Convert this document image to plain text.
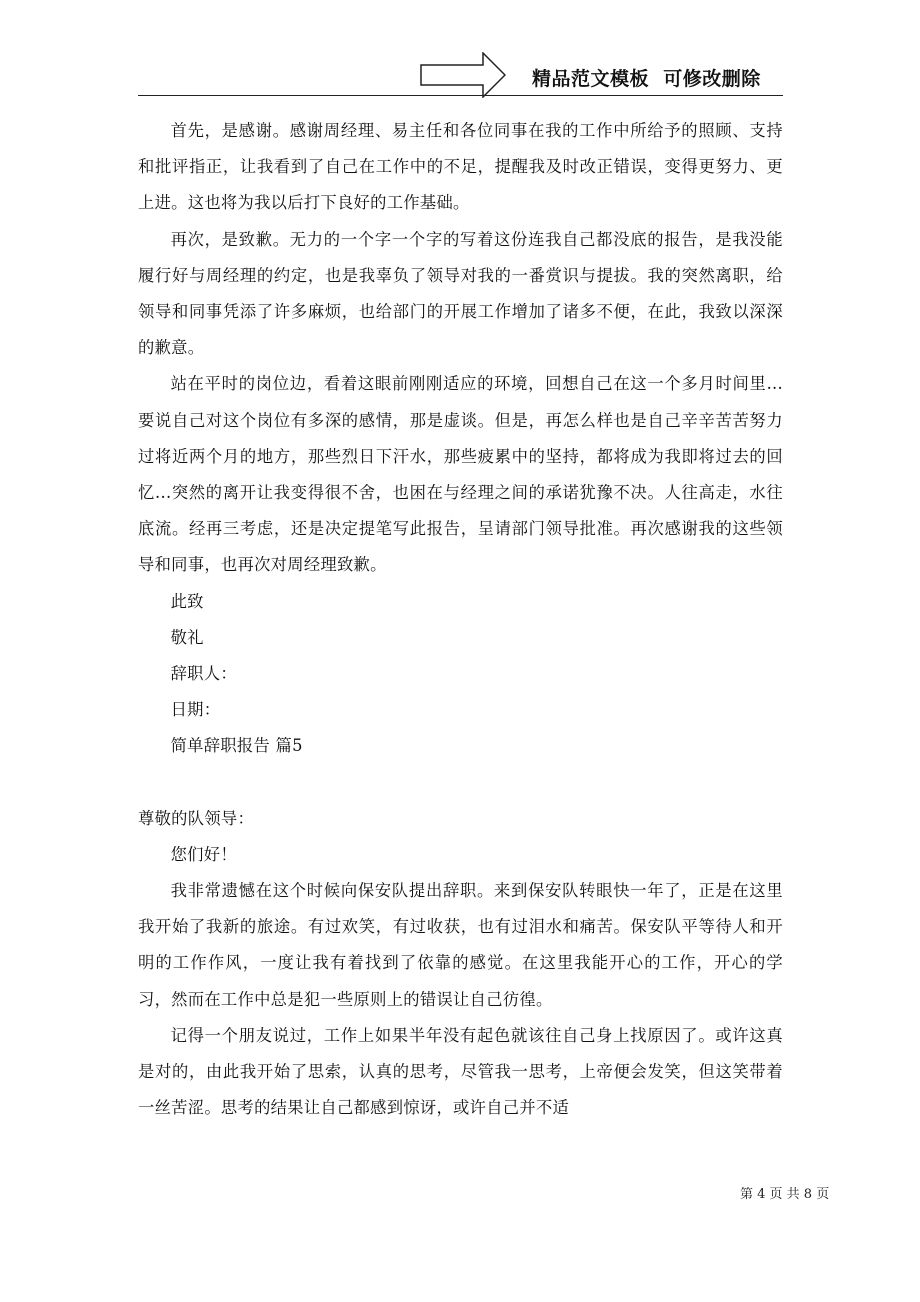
精品范文模板  可修改删除

首先，是感谢。感谢周经理、易主任和各位同事在我的工作中所给予的照顾、支持和批评指正，让我看到了自己在工作中的不足，提醒我及时改正错误，变得更努力、更上进。这也将为我以后打下良好的工作基础。

再次，是致歉。无力的一个字一个字的写着这份连我自己都没底的报告，是我没能履行好与周经理的约定，也是我辜负了领导对我的一番赏识与提拔。我的突然离职，给领导和同事凭添了许多麻烦，也给部门的开展工作增加了诸多不便，在此，我致以深深的歉意。

站在平时的岗位边，看着这眼前刚刚适应的环境，回想自己在这一个多月时间里...要说自己对这个岗位有多深的感情，那是虚谈。但是，再怎么样也是自己辛辛苦苦努力过将近两个月的地方，那些烈日下汗水，那些疲累中的坚持，都将成为我即将过去的回忆...突然的离开让我变得很不舍，也困在与经理之间的承诺犹豫不决。人往高走，水往底流。经再三考虑，还是决定提笔写此报告，呈请部门领导批准。再次感谢我的这些领导和同事，也再次对周经理致歉。

此致

敬礼

辞职人：

日期：

简单辞职报告 篇5

尊敬的队领导：

您们好！

我非常遗憾在这个时候向保安队提出辞职。来到保安队转眼快一年了，正是在这里我开始了我新的旅途。有过欢笑，有过收获，也有过泪水和痛苦。保安队平等待人和开明的工作作风，一度让我有着找到了依靠的感觉。在这里我能开心的工作，开心的学习，然而在工作中总是犯一些原则上的错误让自己彷徨。

记得一个朋友说过，工作上如果半年没有起色就该往自己身上找原因了。或许这真是对的，由此我开始了思索，认真的思考，尽管我一思考，上帝便会发笑，但这笑带着一丝苦涩。思考的结果让自己都感到惊讶，或许自己并不适

第 4 页 共 8 页
